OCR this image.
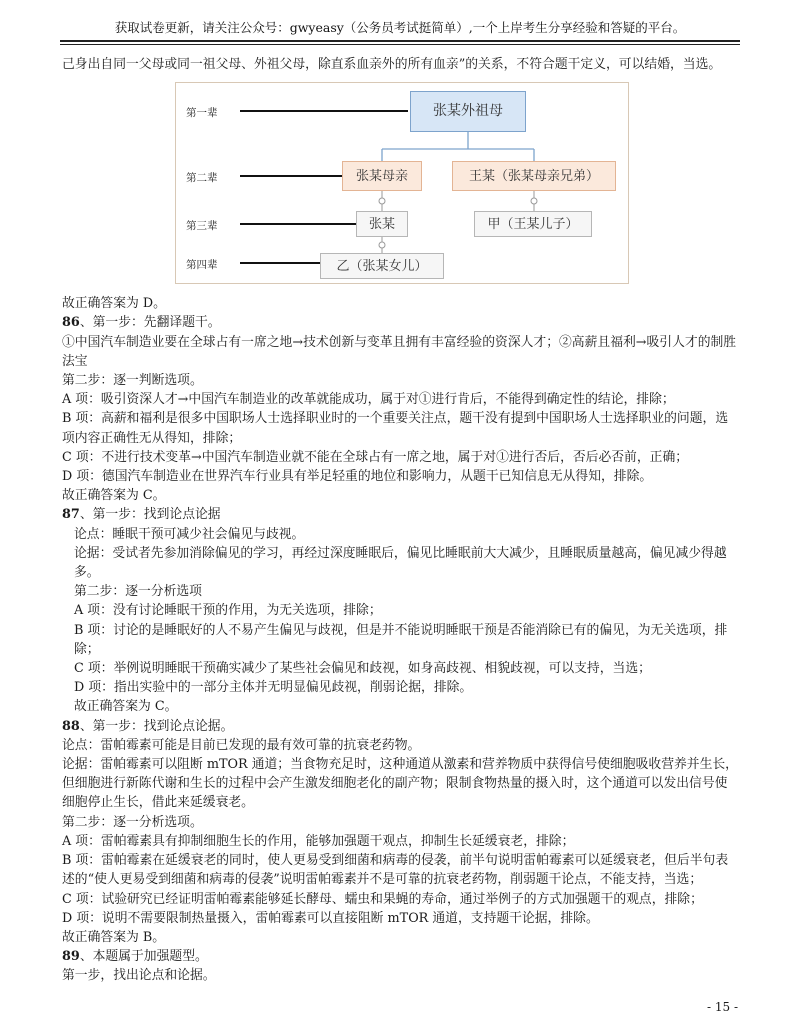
获取试卷更新，请关注公众号：gwyeasy（公务员考试挺简单）,一个上岸考生分享经验和答疑的平台。

己身出自同一父母或同一祖父母、外祖父母，除直系血亲外的所有血亲”的关系，不符合题干定义，可以结婚，当选。

第一辈
第二辈
第三辈
第四辈
张某外祖母
张某母亲	王某（张某母亲兄弟）
张某	甲（王某儿子）
乙（张某女儿）

故正确答案为 D。

86、第一步：先翻译题干。

①中国汽车制造业要在全球占有一席之地→技术创新与变革且拥有丰富经验的资深人才；②高薪且福利→吸引人才的制胜法宝

第二步：逐一判断选项。

A 项：吸引资深人才→中国汽车制造业的改革就能成功，属于对①进行肯后，不能得到确定性的结论，排除；

B 项：高薪和福利是很多中国职场人士选择职业时的一个重要关注点，题干没有提到中国职场人士选择职业的问题，选项内容正确性无从得知，排除；

C 项：不进行技术变革→中国汽车制造业就不能在全球占有一席之地，属于对①进行否后，否后必否前，正确；

D 项：德国汽车制造业在世界汽车行业具有举足轻重的地位和影响力，从题干已知信息无从得知，排除。

故正确答案为 C。

87、第一步：找到论点论据

论点：睡眠干预可减少社会偏见与歧视。

论据：受试者先参加消除偏见的学习，再经过深度睡眠后，偏见比睡眠前大大减少，且睡眠质量越高，偏见减少得越多。

第二步：逐一分析选项

A 项：没有讨论睡眠干预的作用，为无关选项，排除；

B 项：讨论的是睡眠好的人不易产生偏见与歧视，但是并不能说明睡眠干预是否能消除已有的偏见，为无关选项，排除；

C 项：举例说明睡眠干预确实减少了某些社会偏见和歧视，如身高歧视、相貌歧视，可以支持，当选；

D 项：指出实验中的一部分主体并无明显偏见歧视，削弱论据，排除。

故正确答案为 C。

88、第一步：找到论点论据。

论点：雷帕霉素可能是目前已发现的最有效可靠的抗衰老药物。

论据：雷帕霉素可以阻断 mTOR 通道；当食物充足时，这种通道从激素和营养物质中获得信号使细胞吸收营养并生长，但细胞进行新陈代谢和生长的过程中会产生激发细胞老化的副产物；限制食物热量的摄入时，这个通道可以发出信号使细胞停止生长，借此来延缓衰老。

第二步：逐一分析选项。

A 项：雷帕霉素具有抑制细胞生长的作用，能够加强题干观点，抑制生长延缓衰老，排除；

B 项：雷帕霉素在延缓衰老的同时，使人更易受到细菌和病毒的侵袭，前半句说明雷帕霉素可以延缓衰老，但后半句表述的“使人更易受到细菌和病毒的侵袭”说明雷帕霉素并不是可靠的抗衰老药物，削弱题干论点，不能支持，当选；

C 项：试验研究已经证明雷帕霉素能够延长酵母、蠕虫和果蝇的寿命，通过举例子的方式加强题干的观点，排除；

D 项：说明不需要限制热量摄入，雷帕霉素可以直接阻断 mTOR 通道，支持题干论据，排除。

故正确答案为 B。

89、本题属于加强题型。

第一步，找出论点和论据。

- 15 -
